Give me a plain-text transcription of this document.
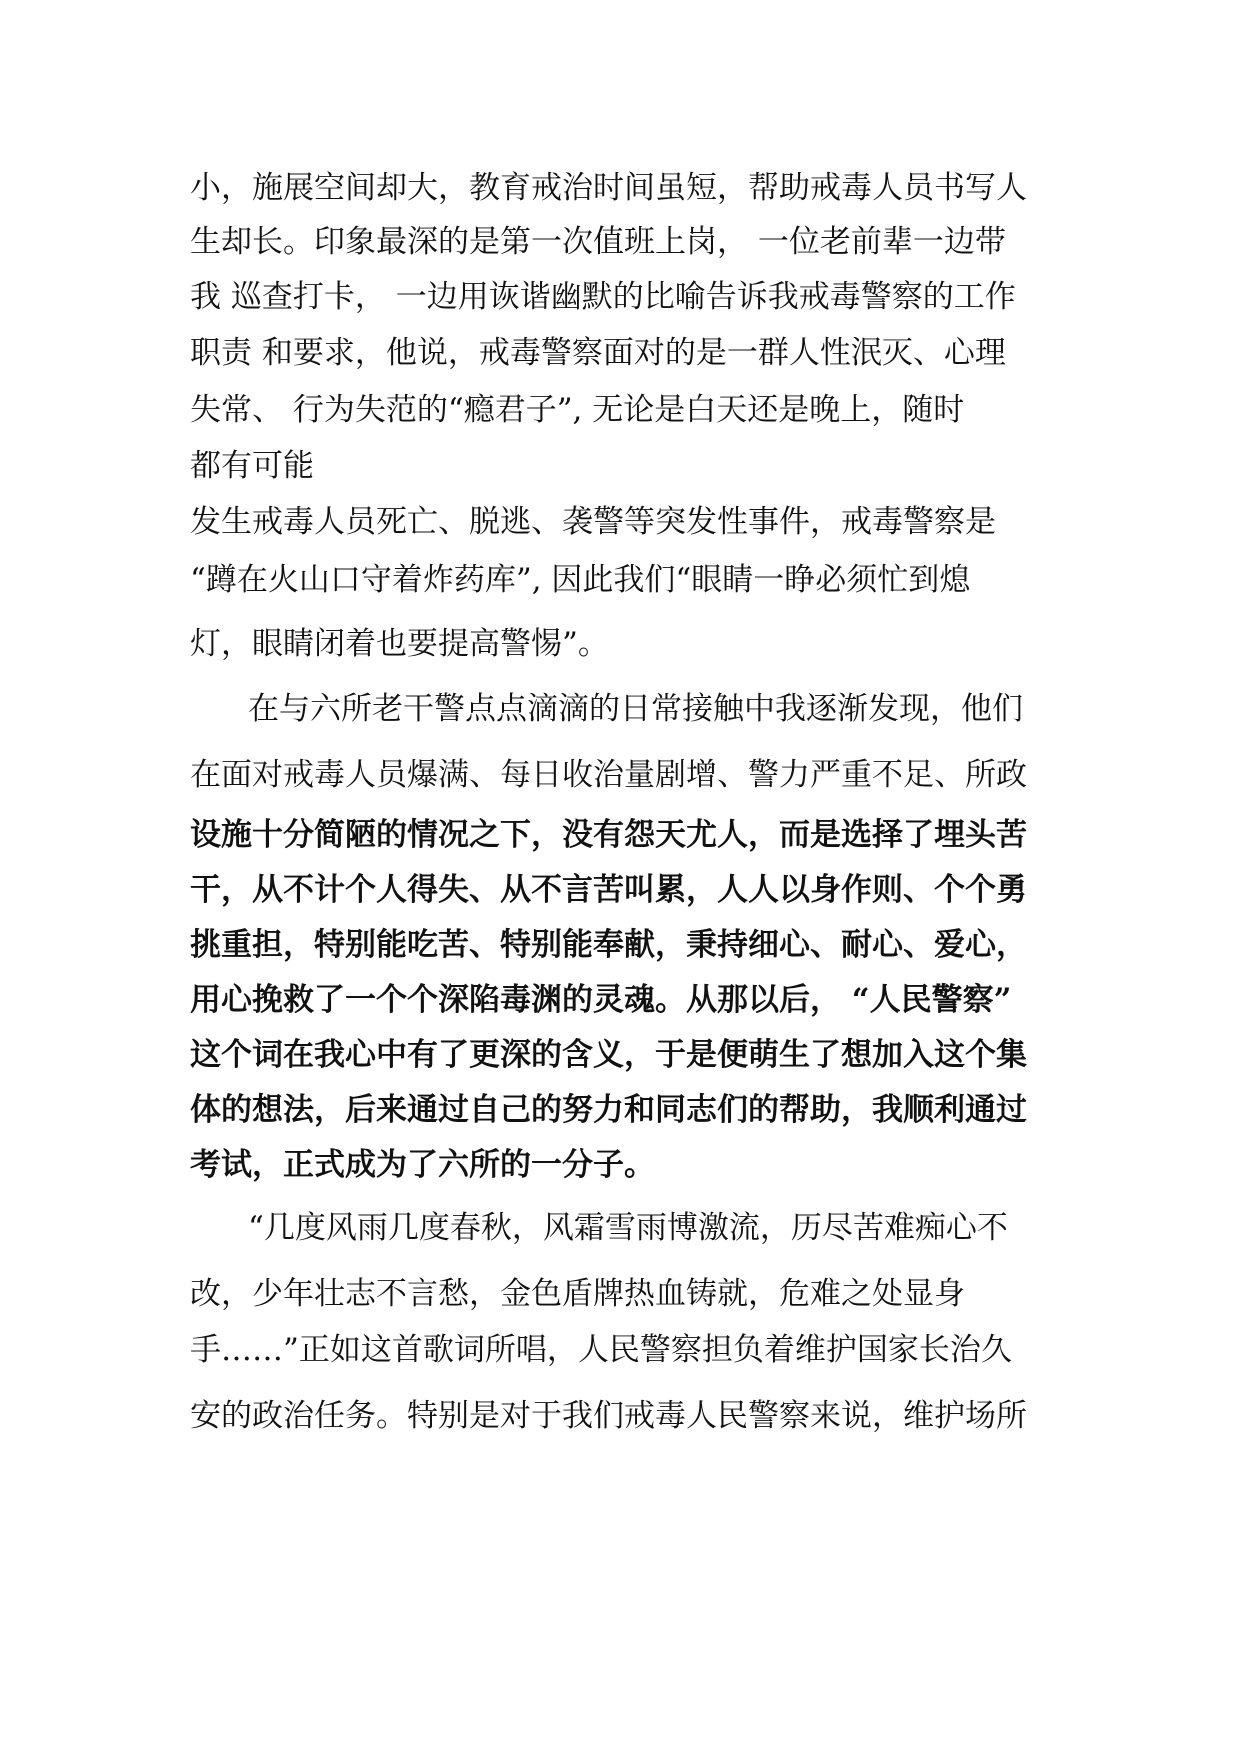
小，施展空间却大，教育戒治时间虽短，帮助戒毒人员书写人

生却长。印象最深的是第一次值班上岗， 一位老前辈一边带

我 巡查打卡， 一边用诙谐幽默的比喻告诉我戒毒警察的工作

职责 和要求，他说，戒毒警察面对的是一群人性泯灭、心理

失常、 行为失范的“瘾君子”, 无论是白天还是晚上，随时

都有可能

发生戒毒人员死亡、脱逃、袭警等突发性事件，戒毒警察是

“蹲在火山口守着炸药库”, 因此我们“眼睛一睁必须忙到熄

灯，眼睛闭着也要提高警惕”。

在与六所老干警点点滴滴的日常接触中我逐渐发现，他们

在面对戒毒人员爆满、每日收治量剧增、警力严重不足、所政

设施十分简陋的情况之下，没有怨天尤人，而是选择了埋头苦

干，从不计个人得失、从不言苦叫累，人人以身作则、个个勇

挑重担，特别能吃苦、特别能奉献，秉持细心、耐心、爱心，

用心挽救了一个个深陷毒渊的灵魂。从那以后， “人民警察”

这个词在我心中有了更深的含义，于是便萌生了想加入这个集

体的想法，后来通过自己的努力和同志们的帮助，我顺利通过

考试，正式成为了六所的一分子。

“几度风雨几度春秋，风霜雪雨博激流，历尽苦难痴心不

改，少年壮志不言愁，金色盾牌热血铸就，危难之处显身

手……”正如这首歌词所唱，人民警察担负着维护国家长治久

安的政治任务。特别是对于我们戒毒人民警察来说，维护场所
